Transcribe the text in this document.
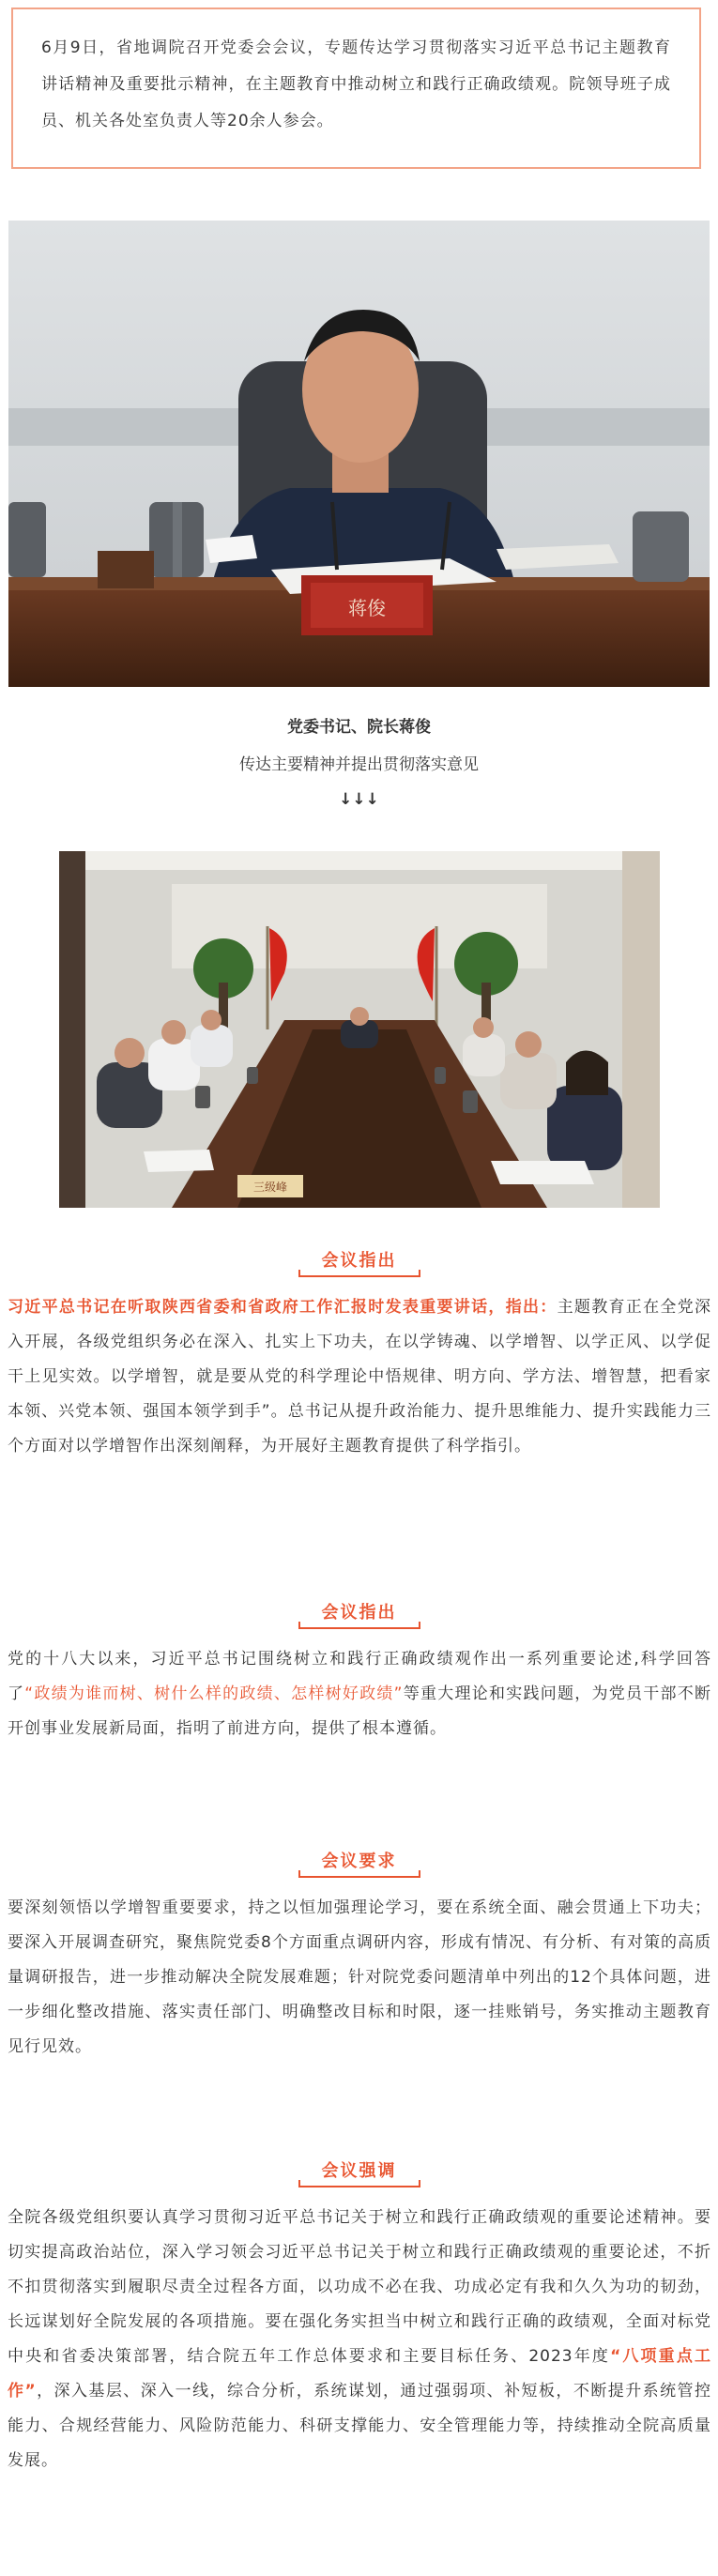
6月9日，省地调院召开党委会会议，专题传达学习贯彻落实习近平总书记主题教育讲话精神及重要批示精神，在主题教育中推动树立和践行正确政绩观。院领导班子成员、机关各处室负责人等20余人参会。

蒋俊
党委书记、院长蒋俊
传达主要精神并提出贯彻落实意见
↓↓↓
三级峰
会议指出

习近平总书记在听取陕西省委和省政府工作汇报时发表重要讲话，指出：主题教育正在全党深入开展，各级党组织务必在深入、扎实上下功夫，在以学铸魂、以学增智、以学正风、以学促干上见实效。以学增智，就是要从党的科学理论中悟规律、明方向、学方法、增智慧，把看家本领、兴党本领、强国本领学到手”。总书记从提升政治能力、提升思维能力、提升实践能力三个方面对以学增智作出深刻阐释，为开展好主题教育提供了科学指引。

会议指出

党的十八大以来，习近平总书记围绕树立和践行正确政绩观作出一系列重要论述,科学回答了“政绩为谁而树、树什么样的政绩、怎样树好政绩”等重大理论和实践问题，为党员干部不断开创事业发展新局面，指明了前进方向，提供了根本遵循。

会议要求

要深刻领悟以学增智重要要求，持之以恒加强理论学习，要在系统全面、融会贯通上下功夫；要深入开展调查研究，聚焦院党委8个方面重点调研内容，形成有情况、有分析、有对策的高质量调研报告，进一步推动解决全院发展难题；针对院党委问题清单中列出的12个具体问题，进一步细化整改措施、落实责任部门、明确整改目标和时限，逐一挂账销号，务实推动主题教育见行见效。

会议强调

全院各级党组织要认真学习贯彻习近平总书记关于树立和践行正确政绩观的重要论述精神。要切实提高政治站位，深入学习领会习近平总书记关于树立和践行正确政绩观的重要论述，不折不扣贯彻落实到履职尽责全过程各方面，以功成不必在我、功成必定有我和久久为功的韧劲，长远谋划好全院发展的各项措施。要在强化务实担当中树立和践行正确的政绩观，全面对标党中央和省委决策部署，结合院五年工作总体要求和主要目标任务、2023年度“八项重点工作”，深入基层、深入一线，综合分析，系统谋划，通过强弱项、补短板，不断提升系统管控能力、合规经营能力、风险防范能力、科研支撑能力、安全管理能力等，持续推动全院高质量发展。
